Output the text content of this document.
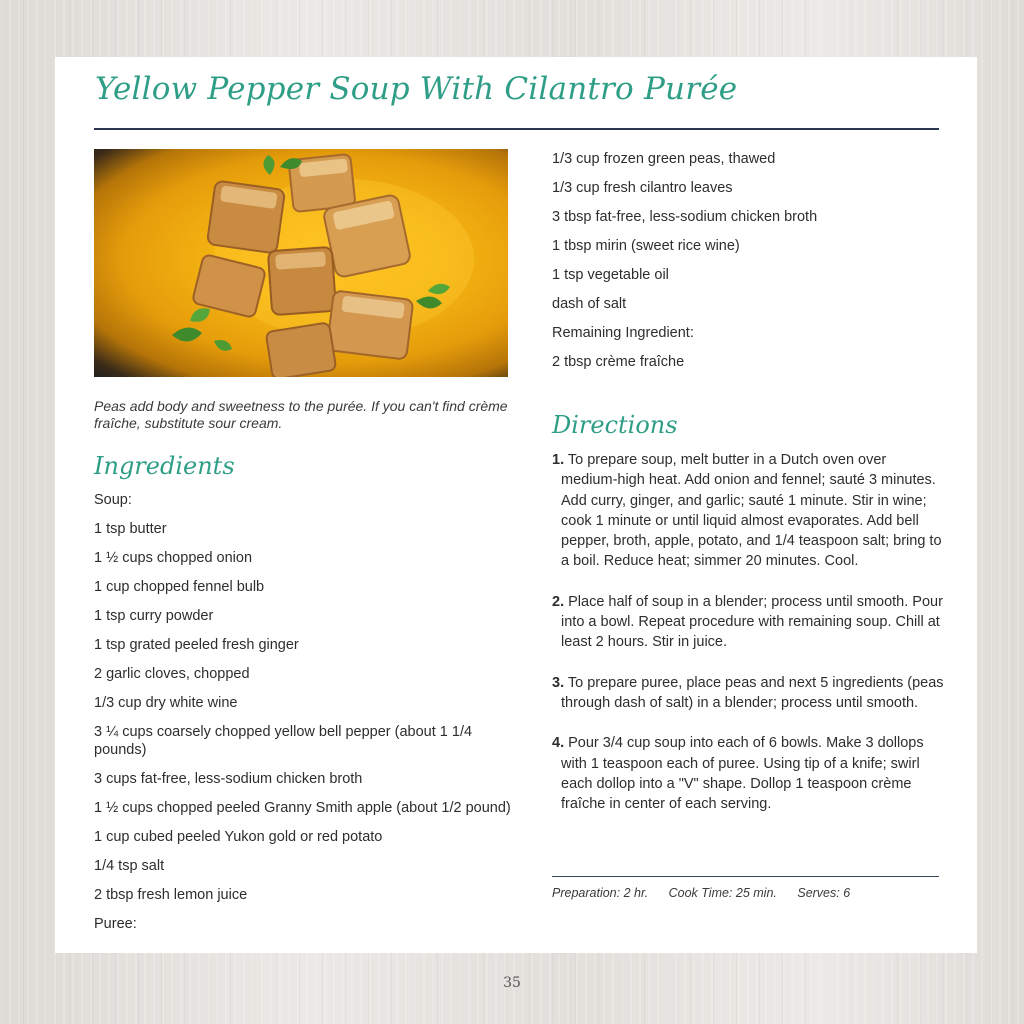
Yellow Pepper Soup With Cilantro Purée

Peas add body and sweetness to the purée. If you can't find crème fraîche, substitute sour cream.

Ingredients
Soup:
1 tsp butter
1 ½ cups chopped onion
1 cup chopped fennel bulb
1 tsp curry powder
1 tsp grated peeled fresh ginger
2 garlic cloves, chopped
1/3 cup dry white wine
3 ¼ cups coarsely chopped yellow bell pepper (about 1 1/4 pounds)
3 cups fat-free, less-sodium chicken broth
1 ½ cups chopped peeled Granny Smith apple (about 1/2 pound)
1 cup cubed peeled Yukon gold or red potato
1/4 tsp salt
2 tbsp fresh lemon juice
Puree:
1/3 cup frozen green peas, thawed
1/3 cup fresh cilantro leaves
3 tbsp fat-free, less-sodium chicken broth
1 tbsp mirin (sweet rice wine)
1 tsp vegetable oil
dash of salt
Remaining Ingredient:
2 tbsp crème fraîche
Directions
1. To prepare soup, melt butter in a Dutch oven over medium-high heat. Add onion and fennel; sauté 3 minutes. Add curry, ginger, and garlic; sauté 1 minute. Stir in wine; cook 1 minute or until liquid almost evaporates. Add bell pepper, broth, apple, potato, and 1/4 teaspoon salt; bring to a boil. Reduce heat; simmer 20 minutes. Cool.
2. Place half of soup in a blender; process until smooth. Pour into a bowl. Repeat procedure with remaining soup. Chill at least 2 hours. Stir in juice.
3. To prepare puree, place peas and next 5 ingredients (peas through dash of salt) in a blender; process until smooth.
4. Pour 3/4 cup soup into each of 6 bowls. Make 3 dollops with 1 teaspoon each of puree. Using tip of a knife; swirl each dollop into a "V" shape. Dollop 1 teaspoon crème fraîche in center of each serving.
Preparation: 2 hr. Cook Time: 25 min. Serves: 6
35
